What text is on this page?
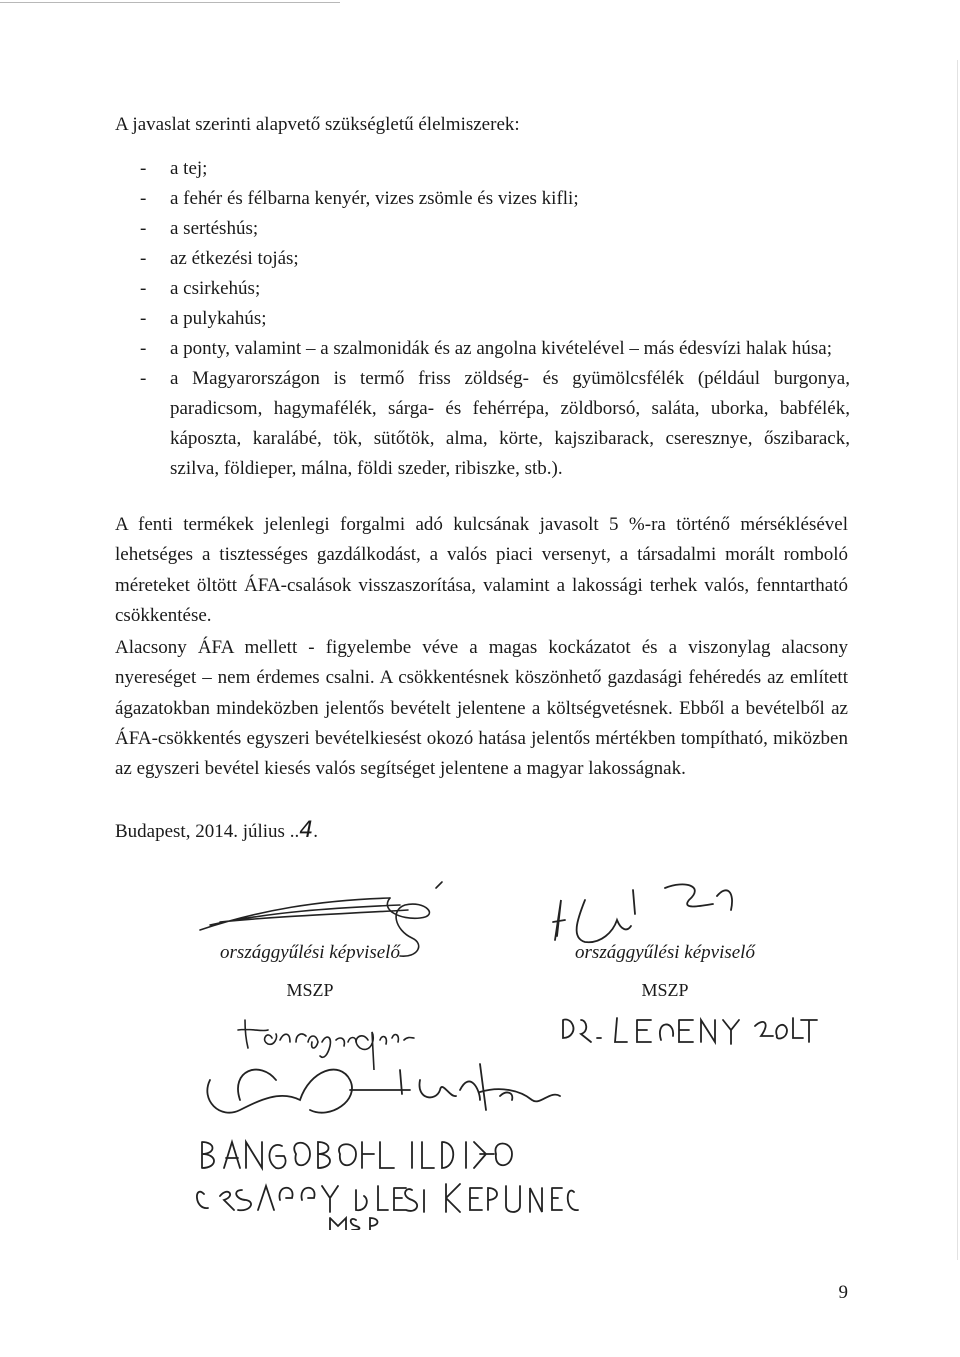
A javaslat szerinti alapvető szükségletű élelmiszerek:
- a tej;
- a fehér és félbarna kenyér, vizes zsömle és vizes kifli;
- a sertéshús;
- az étkezési tojás;
- a csirkehús;
- a pulykahús;
- a ponty, valamint – a szalmonidák és az angolna kivételével – más édesvízi halak húsa;
- a Magyarországon is termő friss zöldség- és gyümölcsfélék (például burgonya, paradicsom, hagymafélék, sárga- és fehérrépa, zöldborsó, saláta, uborka, babfélék, káposzta, karalábé, tök, sütőtök, alma, körte, kajszibarack, cseresznye, őszibarack, szilva, földieper, málna, földi szeder, ribiszke, stb.).

A fenti termékek jelenlegi forgalmi adó kulcsának javasolt 5 %-ra történő mérséklésével lehetséges a tisztességes gazdálkodást, a valós piaci versenyt, a társadalmi morált romboló méreteket öltött ÁFA-csalások visszaszorítása, valamint a lakossági terhek valós, fenntartható csökkentése.

Alacsony ÁFA mellett - figyelembe véve a magas kockázatot és a viszonylag alacsony nyereséget – nem érdemes csalni. A csökkentésnek köszönhető gazdasági fehéredés az említett ágazatokban mindeközben jelentős bevételt jelentene a költségvetésnek. Ebből a bevételből az ÁFA-csökkentés egyszeri bevételkiesést okozó hatása jelentős mértékben tompítható, miközben az egyszeri bevétel kiesés valós segítséget jelentene a magyar lakosságnak.

Budapest, 2014. július ..4.
országgyűlési képviselő
MSZP
országgyűlési képviselő
MSZP
9
